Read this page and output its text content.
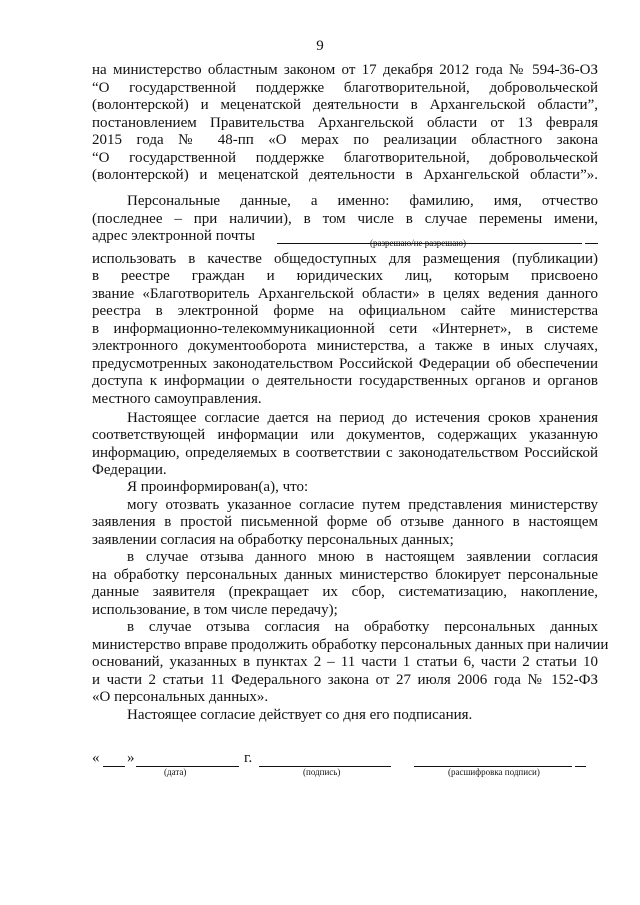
9
на министерство областным законом от 17 декабря 2012 года № 594-36-ОЗ
“О государственной поддержке благотворительной, добровольческой
(волонтерской) и меценатской деятельности в Архангельской области”,
постановлением Правительства Архангельской области от 13 февраля
2015 года № 48-пп «О мерах по реализации областного закона
“О государственной поддержке благотворительной, добровольческой
(волонтерской) и меценатской деятельности в Архангельской области”».
Персональные данные, а именно: фамилию, имя, отчество
(последнее – при наличии), в том числе в случае перемены имени,
адрес электронной почты	(разрешаю/не разрешаю)
использовать в качестве общедоступных для размещения (публикации)
в реестре граждан и юридических лиц, которым присвоено
звание «Благотворитель Архангельской области» в целях ведения данного
реестра в электронной форме на официальном сайте министерства
в информационно-телекоммуникационной сети «Интернет», в системе
электронного документооборота министерства, а также в иных случаях,
предусмотренных законодательством Российской Федерации об обеспечении
доступа к информации о деятельности государственных органов и органов
местного самоуправления.
Настоящее согласие дается на период до истечения сроков хранения
соответствующей информации или документов, содержащих указанную
информацию, определяемых в соответствии с законодательством Российской
Федерации.
Я проинформирован(а), что:
могу отозвать указанное согласие путем представления министерству
заявления в простой письменной форме об отзыве данного в настоящем
заявлении согласия на обработку персональных данных;
в случае отзыва данного мною в настоящем заявлении согласия
на обработку персональных данных министерство блокирует персональные
данные заявителя (прекращает их сбор, систематизацию, накопление,
использование, в том числе передачу);
в случае отзыва согласия на обработку персональных данных
министерство вправе продолжить обработку персональных данных при наличии
оснований, указанных в пунктах 2 – 11 части 1 статьи 6, части 2 статьи 10
и части 2 статьи 11 Федерального закона от 27 июля 2006 года № 152-ФЗ
«О персональных данных».
Настоящее согласие действует со дня его подписания.
«	»	г.
(дата)	(подпись)	(расшифровка подписи)
